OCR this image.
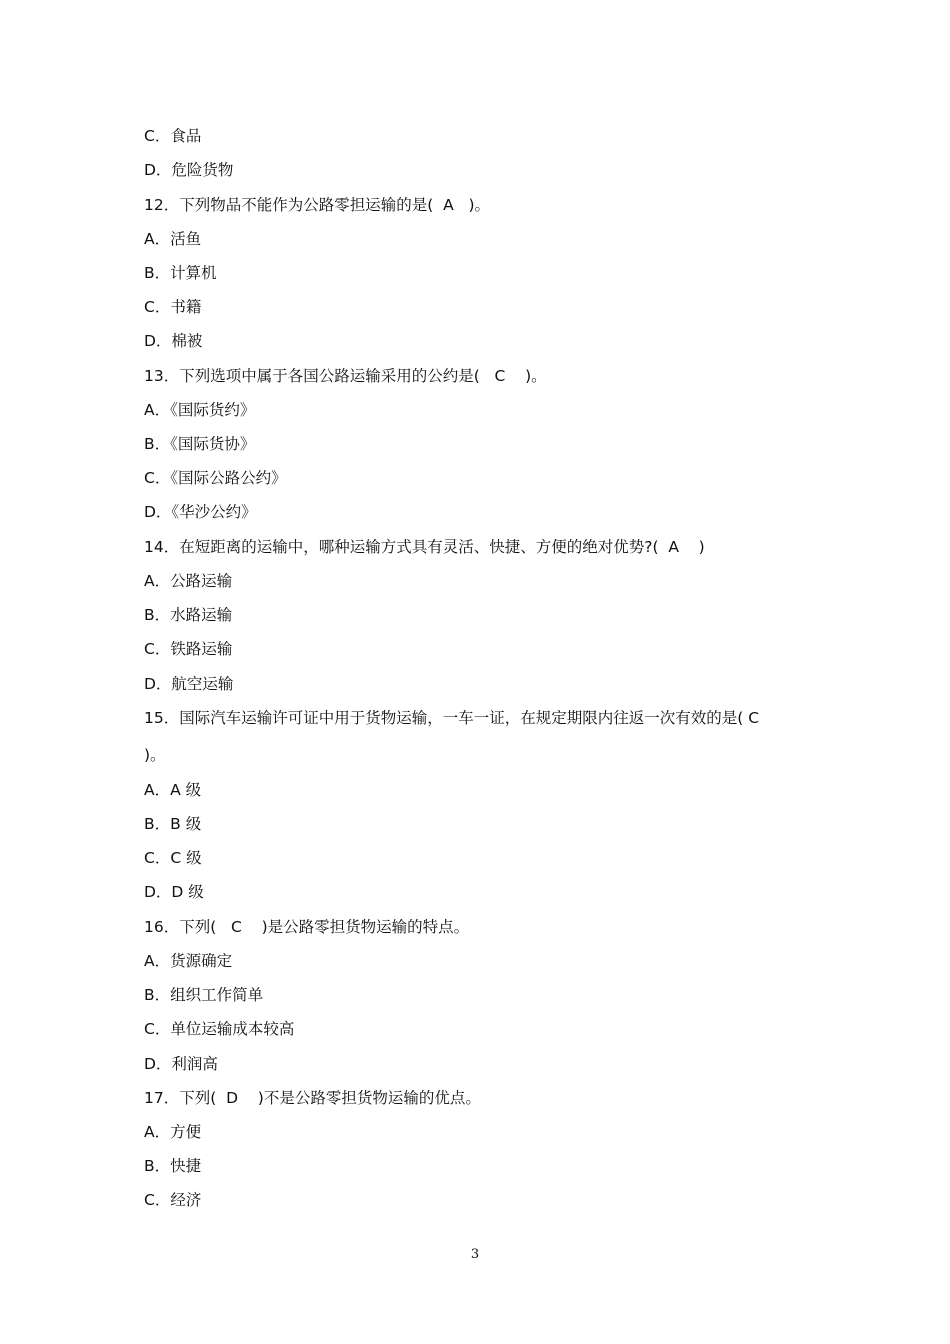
C．食品
D．危险货物
12．下列物品不能作为公路零担运输的是(  A   )。
A．活鱼
B．计算机
C．书籍
D．棉被
13．下列选项中属于各国公路运输采用的公约是(   C    )。
A．《国际货约》
B．《国际货协》
C．《国际公路公约》
D．《华沙公约》
14．在短距离的运输中，哪种运输方式具有灵活、快捷、方便的绝对优势?(  A    )
A．公路运输
B．水路运输
C．铁路运输
D．航空运输
15．国际汽车运输许可证中用于货物运输，一车一证，在规定期限内往返一次有效的是( C
)。
A．A 级
B．B 级
C．C 级
D．D 级
16．下列(   C    )是公路零担货物运输的特点。
A．货源确定
B．组织工作简单
C．单位运输成本较高
D．利润高
17．下列(  D    )不是公路零担货物运输的优点。
A．方便
B．快捷
C．经济
3
